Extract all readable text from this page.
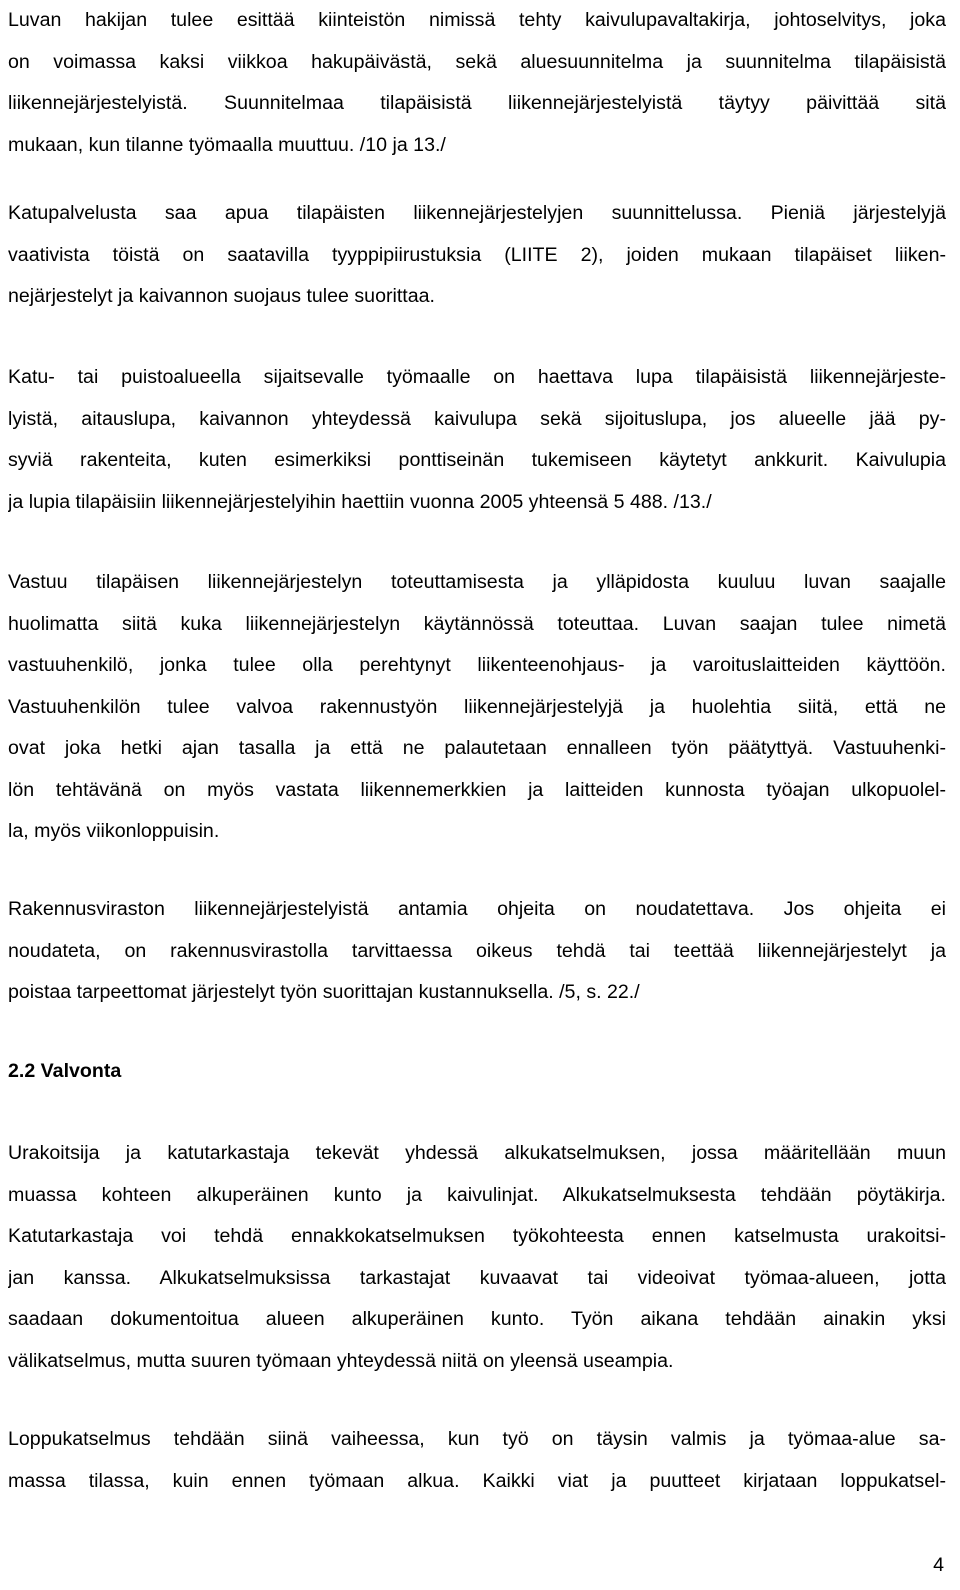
Luvan hakijan tulee esittää kiinteistön nimissä tehty kaivulupavaltakirja, johtoselvitys, joka
on voimassa kaksi viikkoa hakupäivästä, sekä aluesuunnitelma ja suunnitelma tilapäisistä
liikennejärjestelyistä. Suunnitelmaa tilapäisistä liikennejärjestelyistä täytyy päivittää sitä
mukaan, kun tilanne työmaalla muuttuu. /10 ja 13./
Katupalvelusta saa apua tilapäisten liikennejärjestelyjen suunnittelussa. Pieniä järjestelyjä
vaativista töistä on saatavilla tyyppipiirustuksia (LIITE 2), joiden mukaan tilapäiset liiken-
nejärjestelyt ja kaivannon suojaus tulee suorittaa.
Katu- tai puistoalueella sijaitsevalle työmaalle on haettava lupa tilapäisistä liikennejärjeste-
lyistä, aitauslupa, kaivannon yhteydessä kaivulupa sekä sijoituslupa, jos alueelle jää py-
syviä rakenteita, kuten esimerkiksi ponttiseinän tukemiseen käytetyt ankkurit. Kaivulupia
ja lupia tilapäisiin liikennejärjestelyihin haettiin vuonna 2005 yhteensä 5 488. /13./
Vastuu tilapäisen liikennejärjestelyn toteuttamisesta ja ylläpidosta kuuluu luvan saajalle
huolimatta siitä kuka liikennejärjestelyn käytännössä toteuttaa. Luvan saajan tulee nimetä
vastuuhenkilö, jonka tulee olla perehtynyt liikenteenohjaus- ja varoituslaitteiden käyttöön.
Vastuuhenkilön tulee valvoa rakennustyön liikennejärjestelyjä ja huolehtia siitä, että ne
ovat joka hetki ajan tasalla ja että ne palautetaan ennalleen työn päätyttyä. Vastuuhenki-
lön tehtävänä on myös vastata liikennemerkkien ja laitteiden kunnosta työajan ulkopuolel-
la, myös viikonloppuisin.
Rakennusviraston liikennejärjestelyistä antamia ohjeita on noudatettava. Jos ohjeita ei
noudateta, on rakennusvirastolla tarvittaessa oikeus tehdä tai teettää liikennejärjestelyt ja
poistaa tarpeettomat järjestelyt työn suorittajan kustannuksella. /5, s. 22./
2.2 Valvonta
Urakoitsija ja katutarkastaja tekevät yhdessä alkukatselmuksen, jossa määritellään muun
muassa kohteen alkuperäinen kunto ja kaivulinjat. Alkukatselmuksesta tehdään pöytäkirja.
Katutarkastaja voi tehdä ennakkokatselmuksen työkohteesta ennen katselmusta urakoitsi-
jan kanssa. Alkukatselmuksissa tarkastajat kuvaavat tai videoivat työmaa-alueen, jotta
saadaan dokumentoitua alueen alkuperäinen kunto. Työn aikana tehdään ainakin yksi
välikatselmus, mutta suuren työmaan yhteydessä niitä on yleensä useampia.
Loppukatselmus tehdään siinä vaiheessa, kun työ on täysin valmis ja työmaa-alue sa-
massa tilassa, kuin ennen työmaan alkua. Kaikki viat ja puutteet kirjataan loppukatsel-
4
